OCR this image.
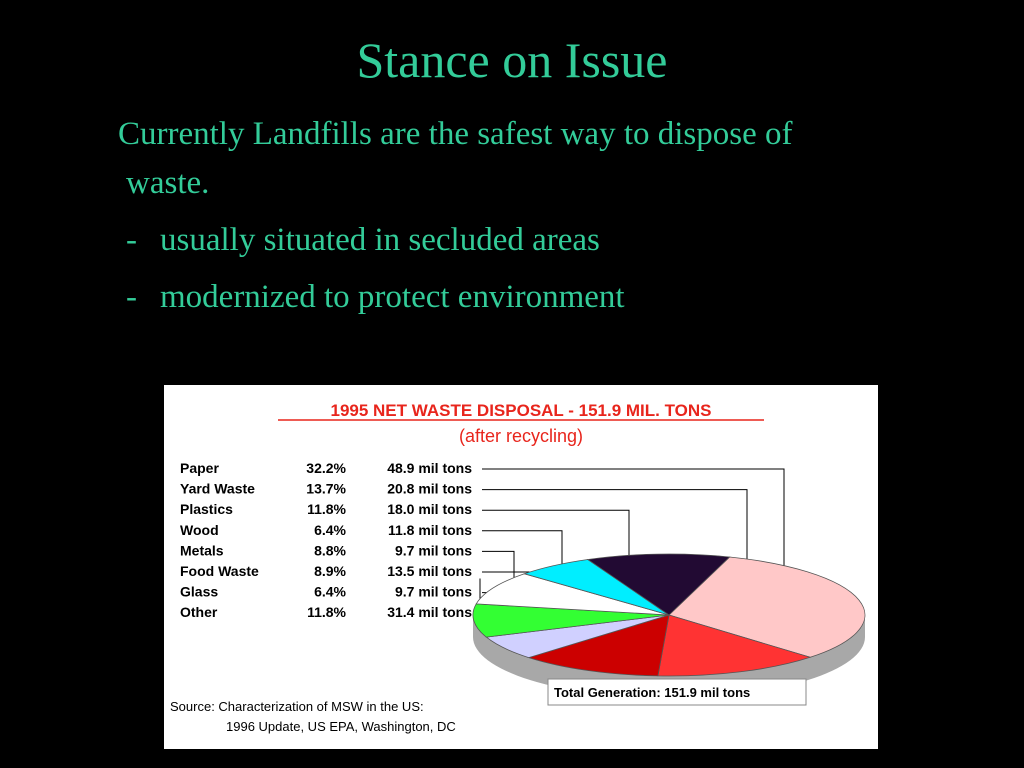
Stance on Issue
Currently Landfills are the safest way to dispose of
waste.
- usually situated in secluded areas
- modernized to protect environment
1995 NET WASTE DISPOSAL - 151.9 MIL. TONS
(after recycling)
Paper	32.2%	48.9 mil tons
Yard Waste	13.7%	20.8 mil tons
Plastics	11.8%	18.0 mil tons
Wood	6.4%	11.8 mil tons
Metals	8.8%	9.7 mil tons
Food Waste	8.9%	13.5 mil tons
Glass	6.4%	9.7 mil tons
Other	11.8%	31.4 mil tons
Total Generation: 151.9 mil tons
Source: Characterization of MSW in the US:
1996 Update, US EPA, Washington, DC
